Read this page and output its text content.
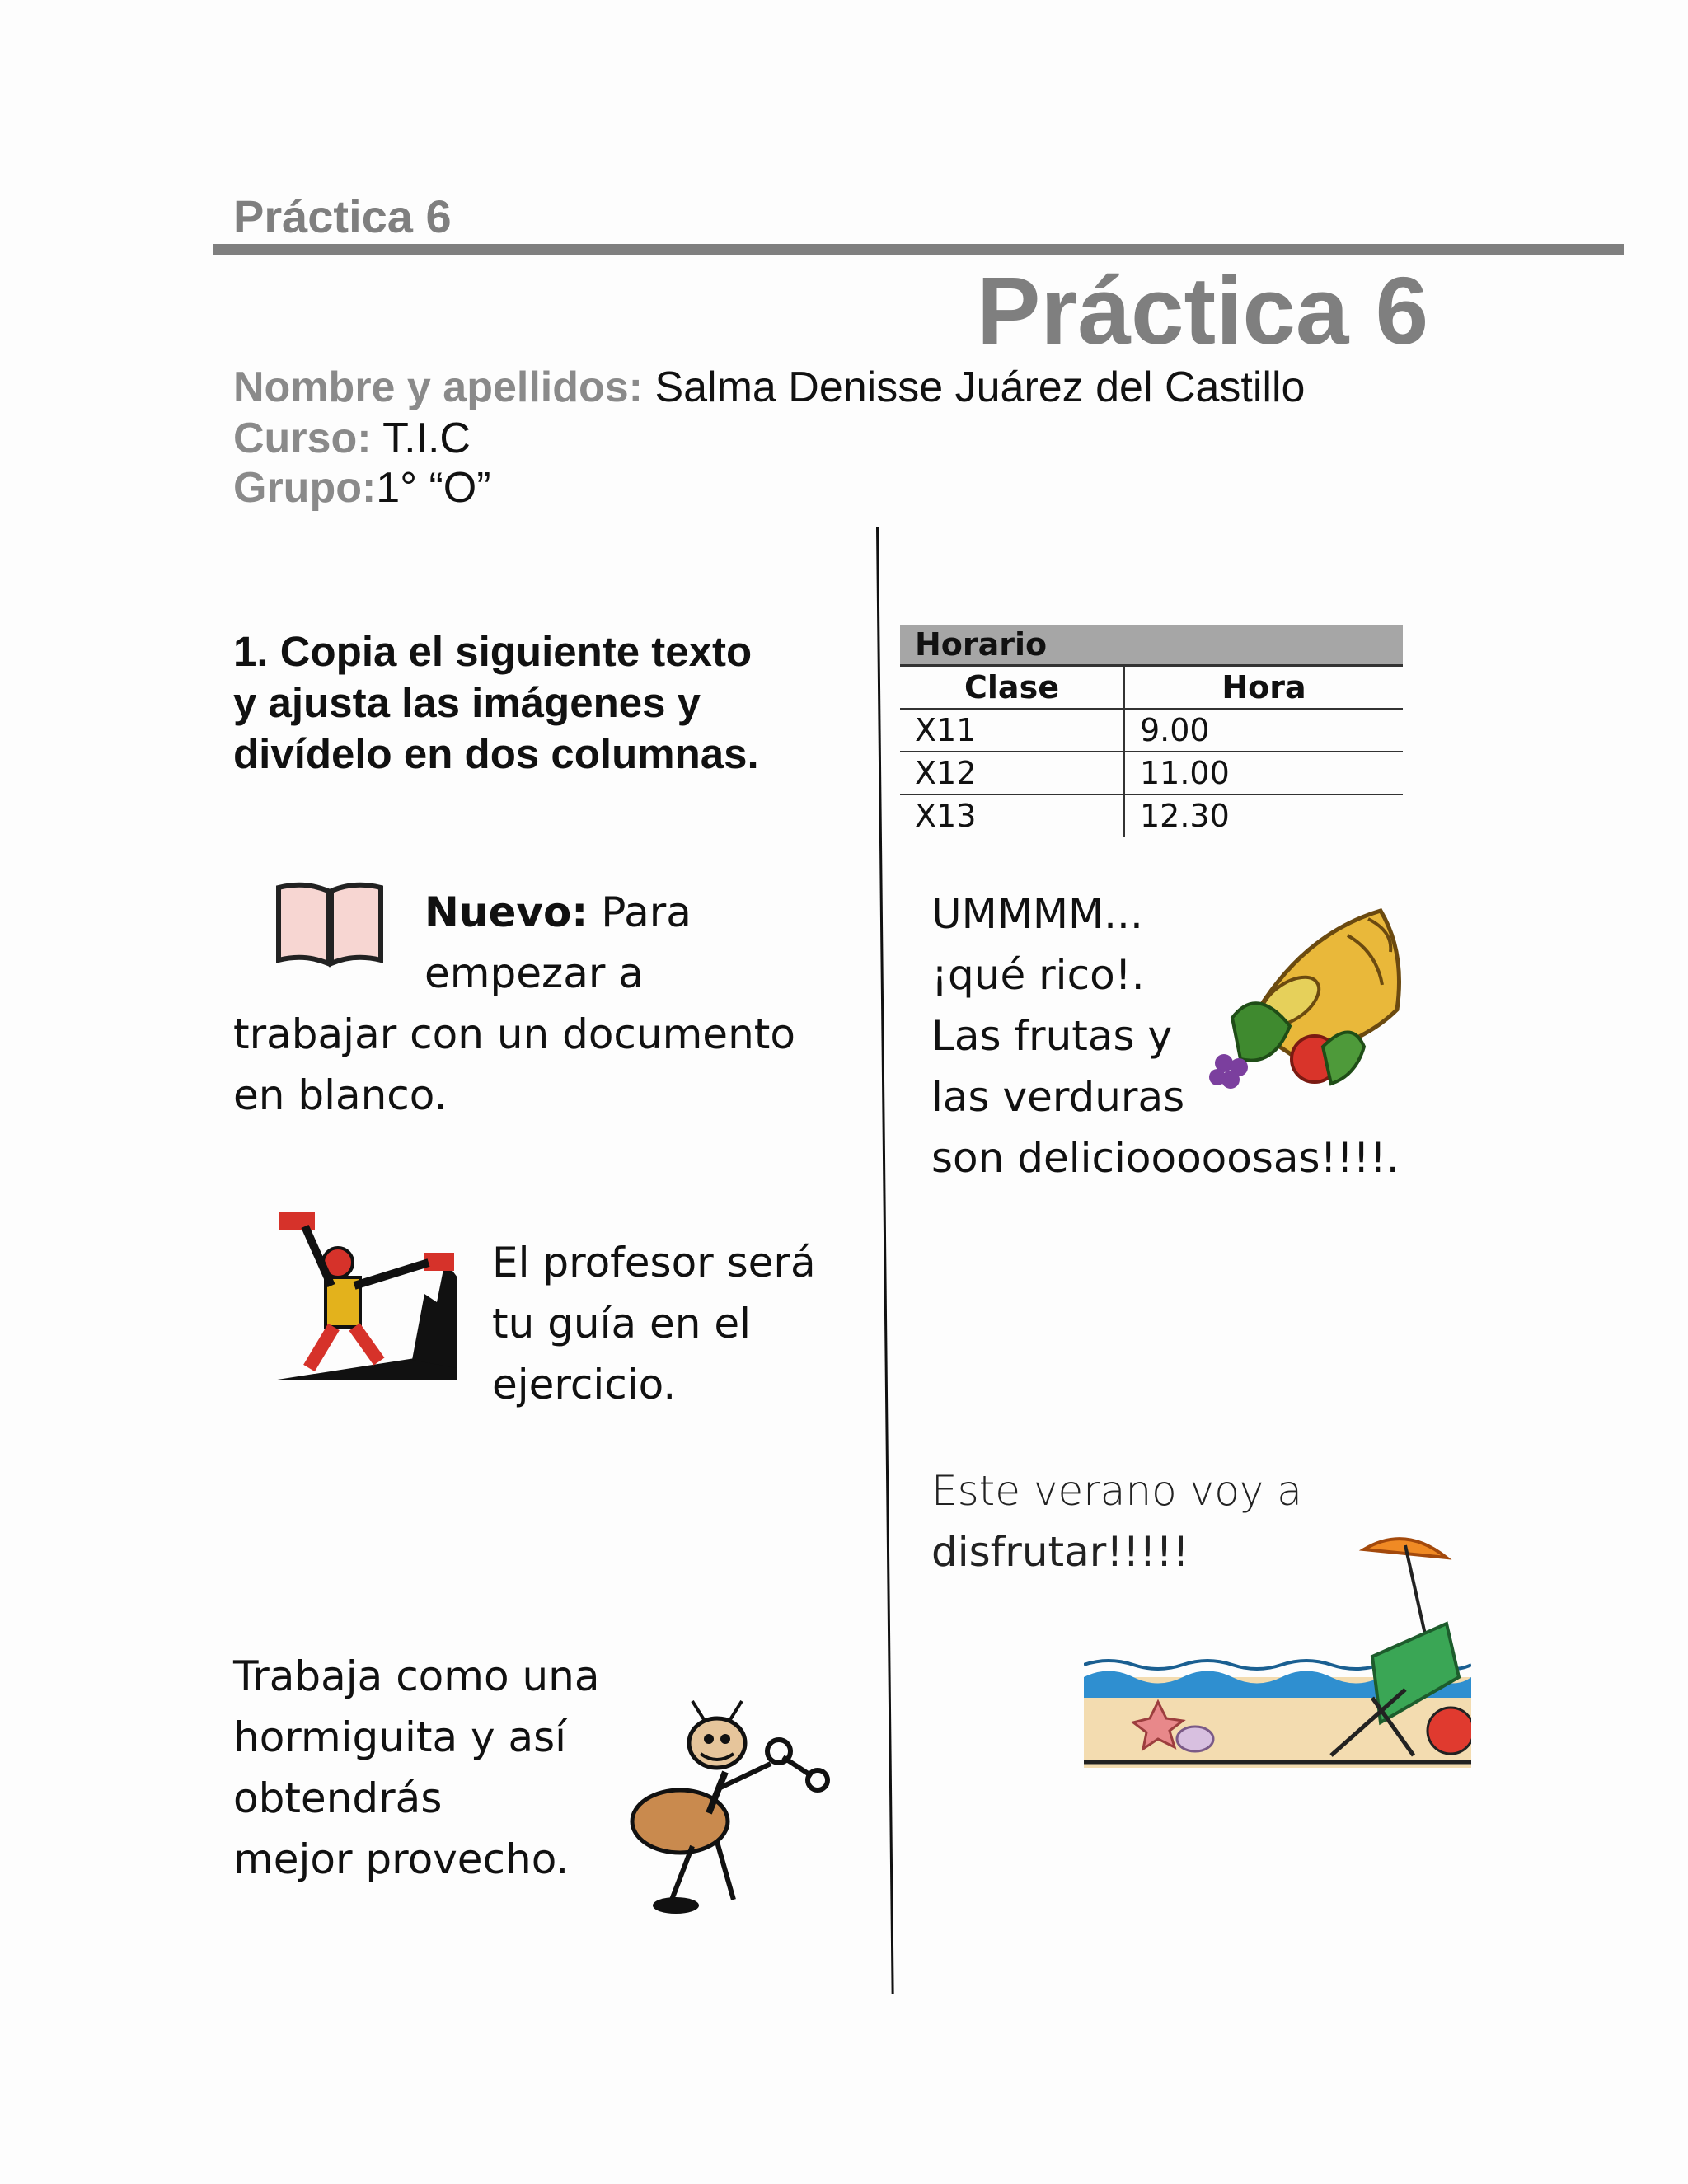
Práctica 6
Práctica 6
Nombre y apellidos: Salma Denisse Juárez del Castillo
Curso: T.I.C
Grupo:1° “O”
1. Copia el siguiente texto y ajusta las imágenes y divídelo en dos columnas.
Nuevo: Para
empezar a
trabajar con un documento
en blanco.
El profesor será
tu guía en el
ejercicio.
Trabaja como una
hormiguita y así
obtendrás
mejor provecho.
Horario	
Clase	Hora
X11	9.00
X12	11.00
X13	12.30
UMMMM...
¡qué rico!.
Las frutas y
las verduras
son deliciooooosas!!!!.
Este verano voy a
disfrutar!!!!!
